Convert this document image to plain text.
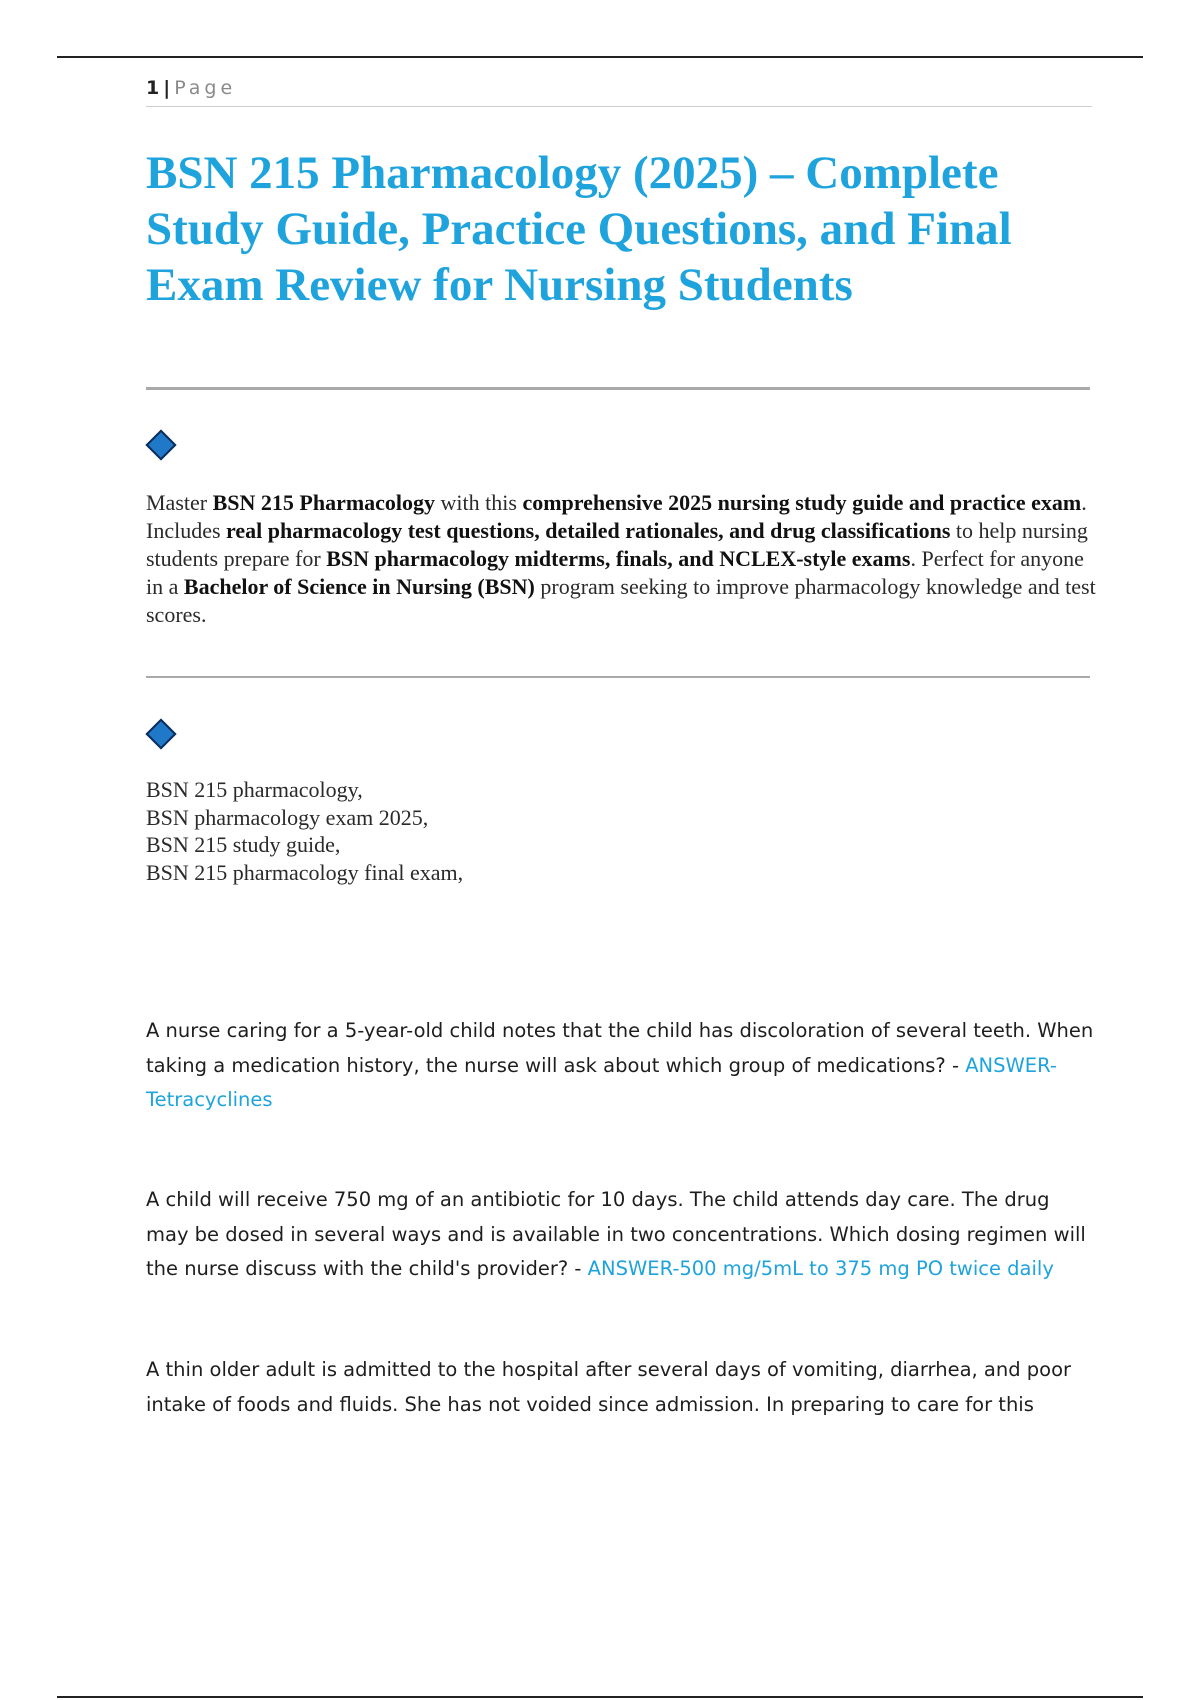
1 | Page
BSN 215 Pharmacology (2025) – Complete Study Guide, Practice Questions, and Final Exam Review for Nursing Students

Master BSN 215 Pharmacology with this comprehensive 2025 nursing study guide and practice exam. Includes real pharmacology test questions, detailed rationales, and drug classifications to help nursing students prepare for BSN pharmacology midterms, finals, and NCLEX-style exams. Perfect for anyone in a Bachelor of Science in Nursing (BSN) program seeking to improve pharmacology knowledge and test scores.

BSN 215 pharmacology,
BSN pharmacology exam 2025,
BSN 215 study guide,
BSN 215 pharmacology final exam,

A nurse caring for a 5-year-old child notes that the child has discoloration of several teeth. When taking a medication history, the nurse will ask about which group of medications? - ANSWER-Tetracyclines

A child will receive 750 mg of an antibiotic for 10 days. The child attends day care. The drug may be dosed in several ways and is available in two concentrations. Which dosing regimen will the nurse discuss with the child's provider? - ANSWER-500 mg/5mL to 375 mg PO twice daily

A thin older adult is admitted to the hospital after several days of vomiting, diarrhea, and poor intake of foods and fluids. She has not voided since admission. In preparing to care for this
